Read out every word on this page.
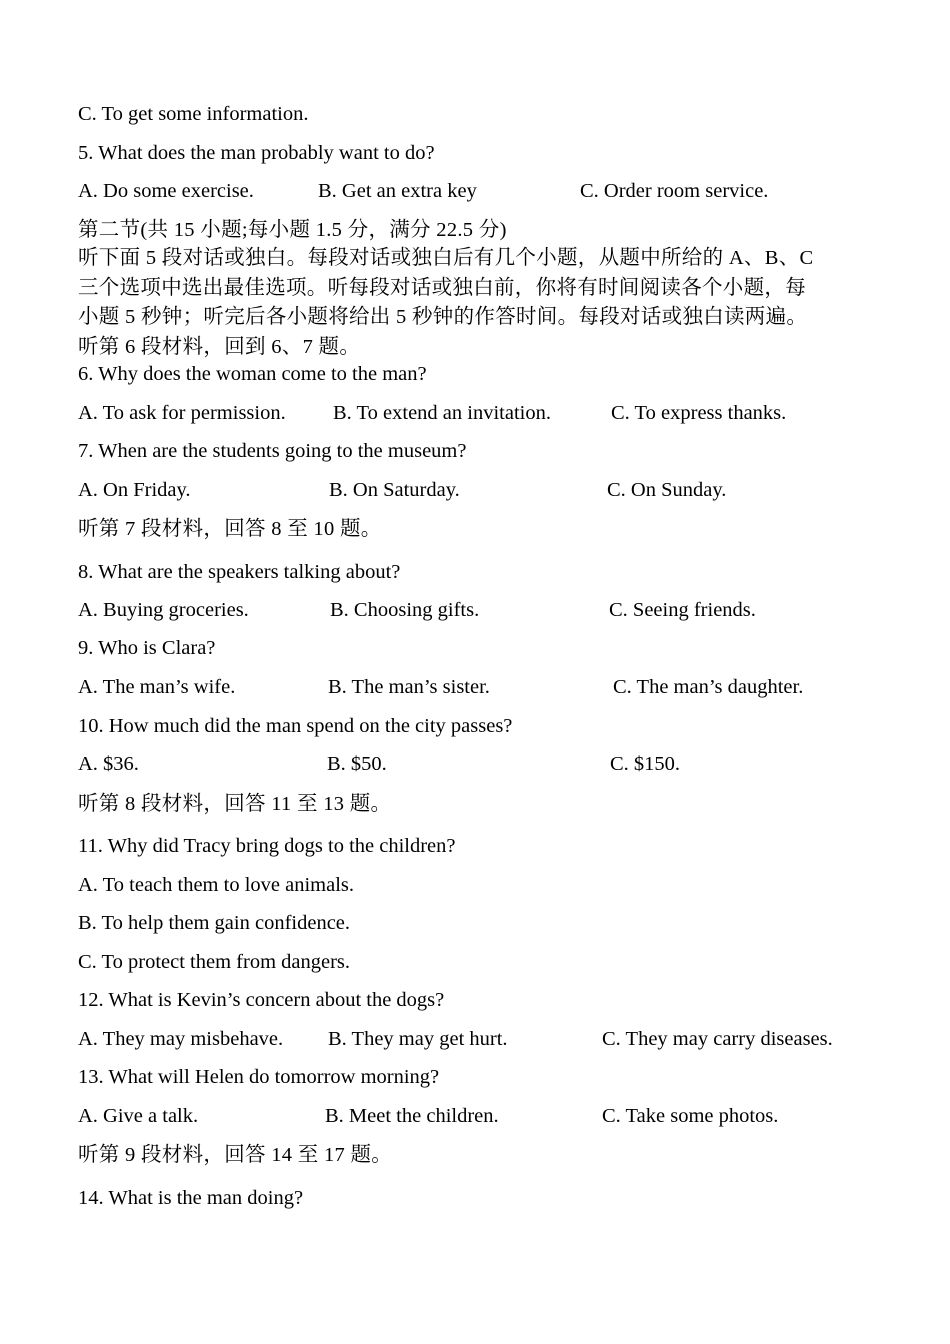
C. To get some information.
5. What does the man probably want to do?
A. Do some exercise.	B. Get an extra key	C. Order room service.
第二节(共 15 小题;每小题 1.5 分，满分 22.5 分)
听下面 5 段对话或独白。每段对话或独白后有几个小题，从题中所给的 A、B、C
三个选项中选出最佳选项。听每段对话或独白前，你将有时间阅读各个小题，每
小题 5 秒钟；听完后各小题将给出 5 秒钟的作答时间。每段对话或独白读两遍。
听第 6 段材料，回到 6、7 题。
6. Why does the woman come to the man?
A. To ask for permission. B. To extend an invitation.	C. To express thanks.
7. When are the students going to the museum?
A. On Friday.	B. On Saturday.	C. On Sunday.
听第 7 段材料，回答 8 至 10 题。
8. What are the speakers talking about?
A. Buying groceries.	B. Choosing gifts.	C. Seeing friends.
9. Who is Clara?
A. The man’s wife.	B. The man’s sister.	C. The man’s daughter.
10. How much did the man spend on the city passes?
A. $36.	B. $50.	C. $150.
听第 8 段材料，回答 11 至 13 题。
11. Why did Tracy bring dogs to the children?
A. To teach them to love animals.
B. To help them gain confidence.
C. To protect them from dangers.
12. What is Kevin’s concern about the dogs?
A. They may misbehave. B. They may get hurt.	C. They may carry diseases.
13. What will Helen do tomorrow morning?
A. Give a talk.	B. Meet the children.	C. Take some photos.
听第 9 段材料，回答 14 至 17 题。
14. What is the man doing?
